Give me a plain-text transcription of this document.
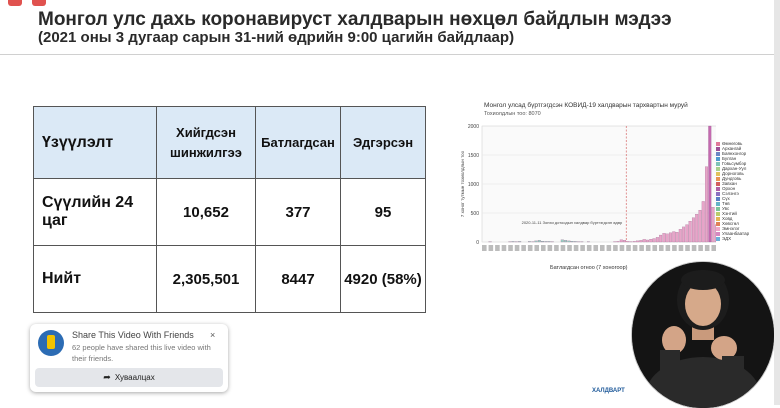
Монгол улс дахь коронавируст халдварын нөхцөл байдлын мэдээ
(2021 оны 3 дугаар сарын 31-ний өдрийн 9:00 цагийн байдлаар)
Үзүүлэлт	Хийгдсэн шинжилгээ	Батлагдсан	Эдгэрсэн
Сүүлийн 24 цаг	10,652	377	95
Нийт	2,305,501	8447	4920 (58%)
Монгол улсад бүртгэгдсэн КОВИД-19 халдварын тархвартын муруй
Тохиолдлын тоо: 8070
0
500
1000
1500
2000
7 хоног тутмын тохиолдлын тоо
2020-11-11 Зонхи дотоодын халдвар бүртгэгдсэн өдөр
Өмнөговь
Архангай
Баянхонгор
Булган
Говьсүмбэр
Дархан-Уул
Дорноговь
Дундговь
Завхан
Орхон
Сэлэнгэ
Сүх
Төв
Увс
Хэнтий
Ховд
Хөвсгөл
Эмнэлэг
Улаанбаатар
ЭДХ
Батлагдсан огноо (7 хоногоор)
Share This Video With Friends
62 people have shared this live video with their friends.
×
➦ Хуваалцах
ХАЛДВАРТ
